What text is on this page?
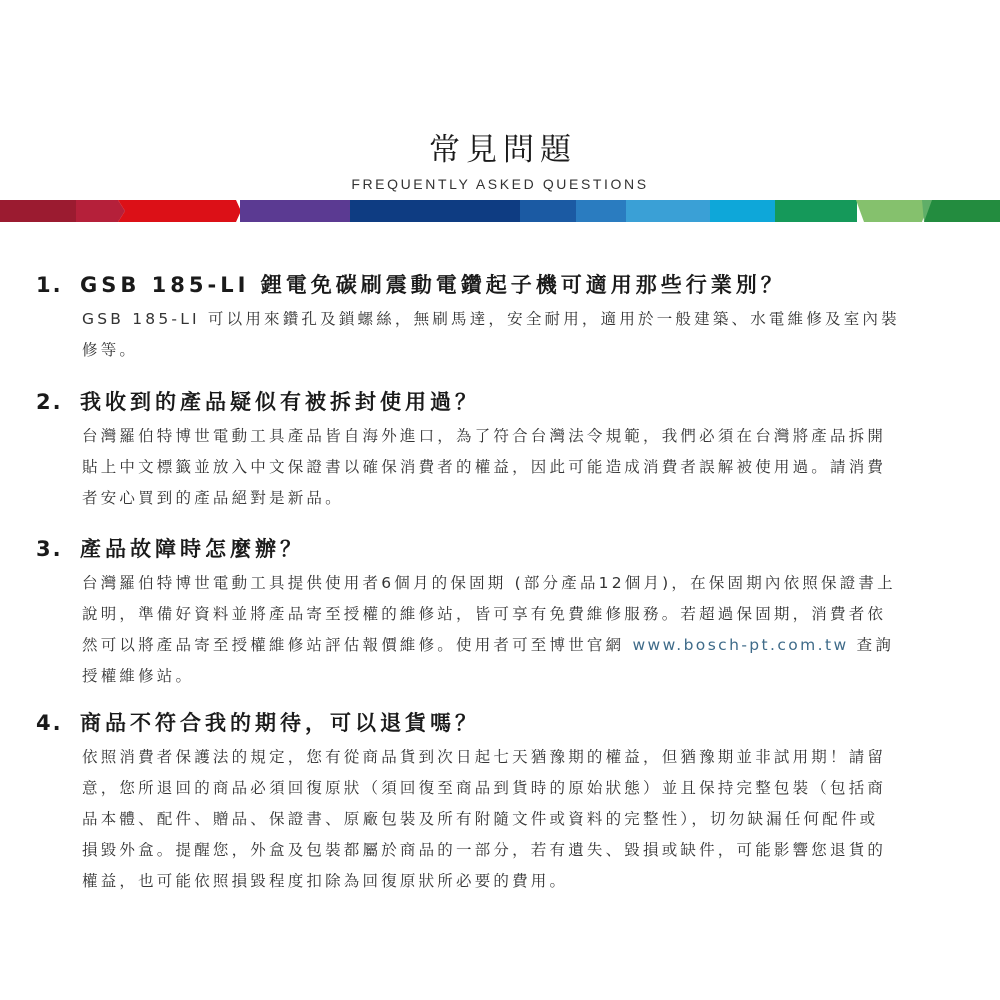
常見問題
FREQUENTLY ASKED QUESTIONS
1. GSB 185-LI 鋰電免碳刷震動電鑽起子機可適用那些行業別？
GSB 185-LI 可以用來鑽孔及鎖螺絲，無刷馬達，安全耐用，適用於一般建築、水電維修及室內裝
修等。
2. 我收到的產品疑似有被拆封使用過？
台灣羅伯特博世電動工具產品皆自海外進口，為了符合台灣法令規範，我們必須在台灣將產品拆開
貼上中文標籤並放入中文保證書以確保消費者的權益，因此可能造成消費者誤解被使用過。請消費
者安心買到的產品絕對是新品。
3. 產品故障時怎麼辦？
台灣羅伯特博世電動工具提供使用者6個月的保固期 (部分產品12個月)，在保固期內依照保證書上
說明，準備好資料並將產品寄至授權的維修站，皆可享有免費維修服務。若超過保固期，消費者依
然可以將產品寄至授權維修站評估報價維修。使用者可至博世官網 www.bosch-pt.com.tw 查詢
授權維修站。
4. 商品不符合我的期待，可以退貨嗎？
依照消費者保護法的規定，您有從商品貨到次日起七天猶豫期的權益，但猶豫期並非試用期！請留
意，您所退回的商品必須回復原狀（須回復至商品到貨時的原始狀態）並且保持完整包裝（包括商
品本體、配件、贈品、保證書、原廠包裝及所有附隨文件或資料的完整性），切勿缺漏任何配件或
損毀外盒。提醒您，外盒及包裝都屬於商品的一部分，若有遺失、毀損或缺件，可能影響您退貨的
權益，也可能依照損毀程度扣除為回復原狀所必要的費用。
